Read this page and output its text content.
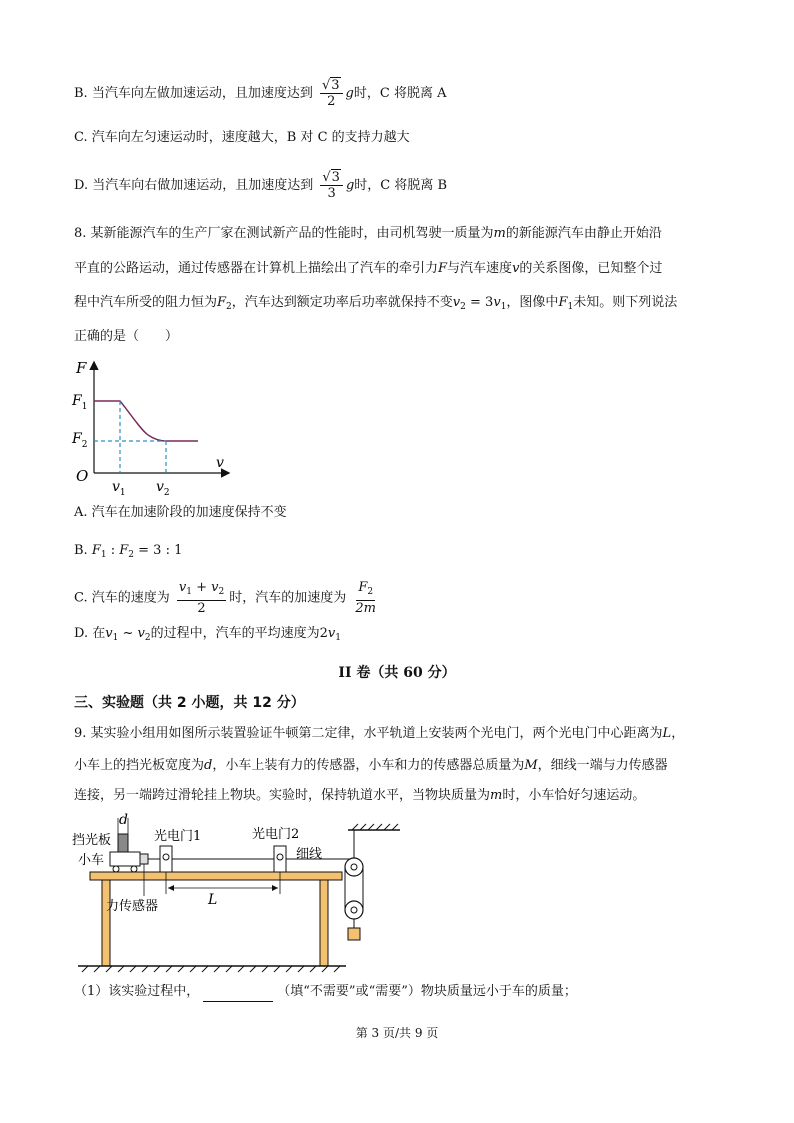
B. 当汽车向左做加速运动，且加速度达到 $\frac{√3}{2}$ g时，C 将脱离 A
C. 汽车向左匀速运动时，速度越大，B 对 C 的支持力越大
D. 当汽车向右做加速运动，且加速度达到 $\frac{√3}{3}$ g时，C 将脱离 B
8. 某新能源汽车的生产厂家在测试新产品的性能时，由司机驾驶一质量为m的新能源汽车由静止开始沿
平直的公路运动，通过传感器在计算机上描绘出了汽车的牵引力F与汽车速度v的关系图像，已知整个过
程中汽车所受的阻力恒为$F_2$，汽车达到额定功率后功率就保持不变$v_2 = 3v_1$，图像中$F_1$未知。则下列说法
正确的是（　　）
F
$F_1$
$F_2$
O
v
$v_1$ $v_2$
A. 汽车在加速阶段的加速度保持不变
B. $F_1$ : $F_2 = 3$ : 1
C. 汽车的速度为 $\frac{v_1 + v_2}{2}$ 时，汽车的加速度为 $\frac{F_2}{2m}$
D. 在$v_1$ ~ $v_2$的过程中，汽车的平均速度为$2v_1$
II 卷（共 60 分）
三、实验题（共 2 小题，共 12 分）
9. 某实验小组用如图所示装置验证牛顿第二定律，水平轨道上安装两个光电门，两个光电门中心距离为L，
小车上的挡光板宽度为d，小车上装有力的传感器，小车和力的传感器总质量为M，细线一端与力传感器
连接，另一端跨过滑轮挂上物块。实验时，保持轨道水平，当物块质量为m时，小车恰好匀速运动。
d
挡光板
小车
光电门1	光电门2
细线
力传感器	L
（1）该实验过程中，	（填“不需要”或“需要”）物块质量远小于车的质量；
第 3 页/共 9 页
